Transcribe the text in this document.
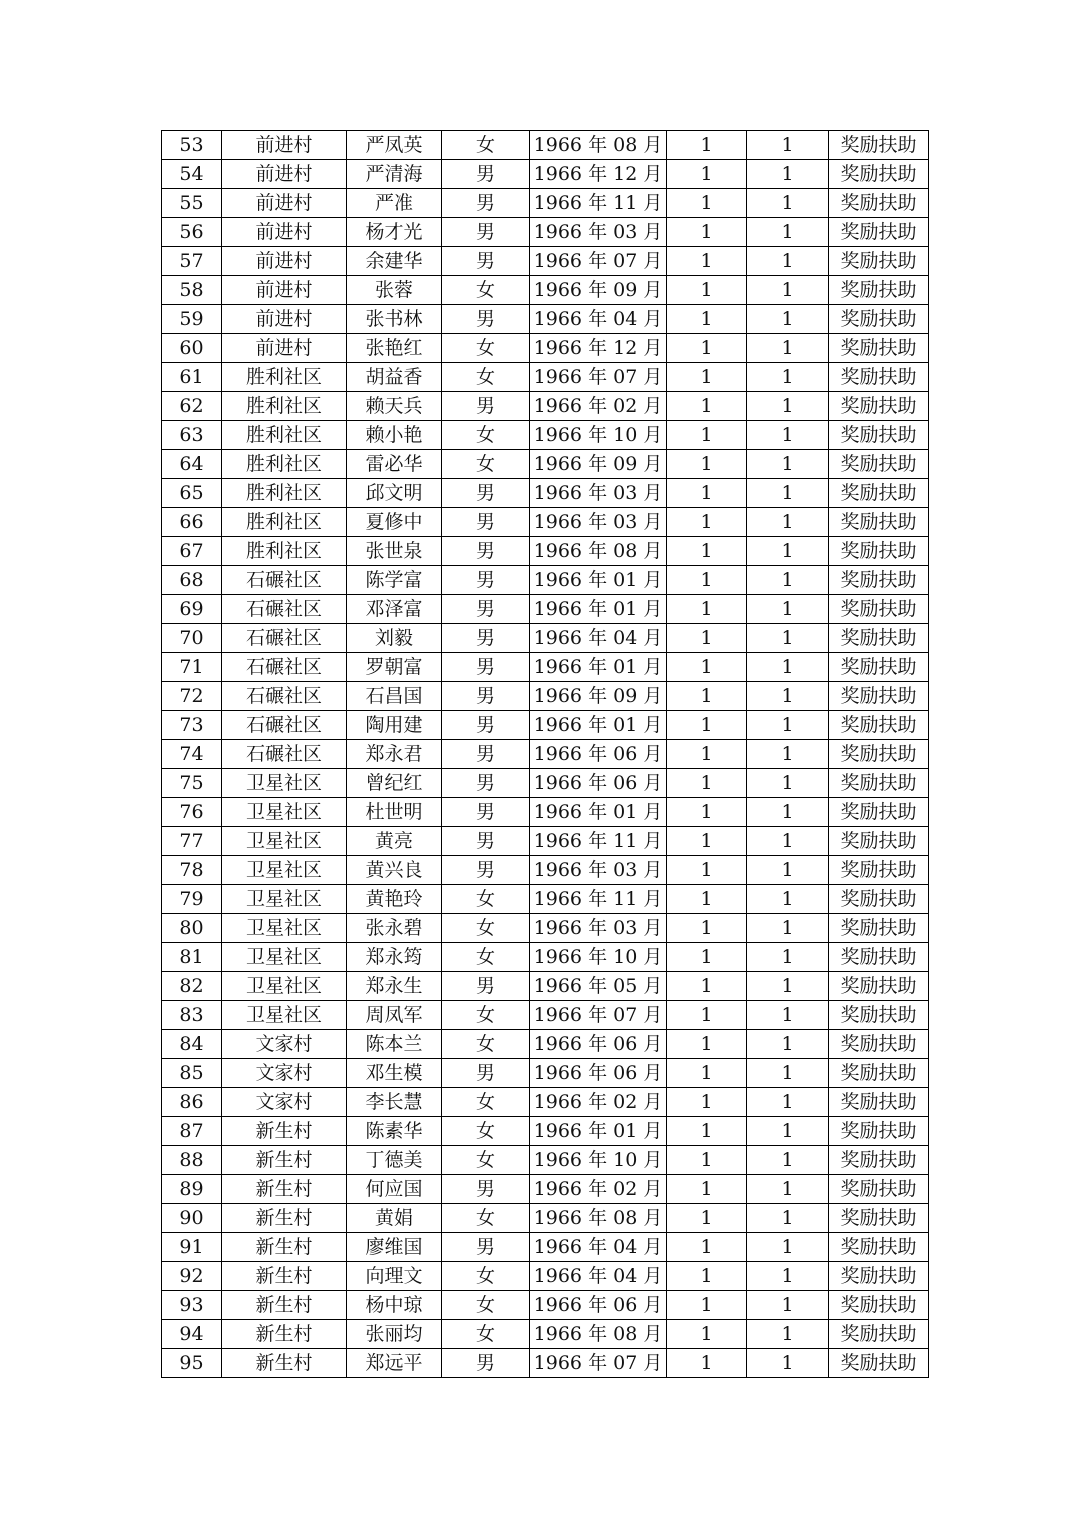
53	前进村	严凤英	女	1966 年 08 月	1	1	奖励扶助
54	前进村	严清海	男	1966 年 12 月	1	1	奖励扶助
55	前进村	严准	男	1966 年 11 月	1	1	奖励扶助
56	前进村	杨才光	男	1966 年 03 月	1	1	奖励扶助
57	前进村	余建华	男	1966 年 07 月	1	1	奖励扶助
58	前进村	张蓉	女	1966 年 09 月	1	1	奖励扶助
59	前进村	张书林	男	1966 年 04 月	1	1	奖励扶助
60	前进村	张艳红	女	1966 年 12 月	1	1	奖励扶助
61	胜利社区	胡益香	女	1966 年 07 月	1	1	奖励扶助
62	胜利社区	赖天兵	男	1966 年 02 月	1	1	奖励扶助
63	胜利社区	赖小艳	女	1966 年 10 月	1	1	奖励扶助
64	胜利社区	雷必华	女	1966 年 09 月	1	1	奖励扶助
65	胜利社区	邱文明	男	1966 年 03 月	1	1	奖励扶助
66	胜利社区	夏修中	男	1966 年 03 月	1	1	奖励扶助
67	胜利社区	张世泉	男	1966 年 08 月	1	1	奖励扶助
68	石碾社区	陈学富	男	1966 年 01 月	1	1	奖励扶助
69	石碾社区	邓泽富	男	1966 年 01 月	1	1	奖励扶助
70	石碾社区	刘毅	男	1966 年 04 月	1	1	奖励扶助
71	石碾社区	罗朝富	男	1966 年 01 月	1	1	奖励扶助
72	石碾社区	石昌国	男	1966 年 09 月	1	1	奖励扶助
73	石碾社区	陶用建	男	1966 年 01 月	1	1	奖励扶助
74	石碾社区	郑永君	男	1966 年 06 月	1	1	奖励扶助
75	卫星社区	曾纪红	男	1966 年 06 月	1	1	奖励扶助
76	卫星社区	杜世明	男	1966 年 01 月	1	1	奖励扶助
77	卫星社区	黄亮	男	1966 年 11 月	1	1	奖励扶助
78	卫星社区	黄兴良	男	1966 年 03 月	1	1	奖励扶助
79	卫星社区	黄艳玲	女	1966 年 11 月	1	1	奖励扶助
80	卫星社区	张永碧	女	1966 年 03 月	1	1	奖励扶助
81	卫星社区	郑永筠	女	1966 年 10 月	1	1	奖励扶助
82	卫星社区	郑永生	男	1966 年 05 月	1	1	奖励扶助
83	卫星社区	周凤军	女	1966 年 07 月	1	1	奖励扶助
84	文家村	陈本兰	女	1966 年 06 月	1	1	奖励扶助
85	文家村	邓生模	男	1966 年 06 月	1	1	奖励扶助
86	文家村	李长慧	女	1966 年 02 月	1	1	奖励扶助
87	新生村	陈素华	女	1966 年 01 月	1	1	奖励扶助
88	新生村	丁德美	女	1966 年 10 月	1	1	奖励扶助
89	新生村	何应国	男	1966 年 02 月	1	1	奖励扶助
90	新生村	黄娟	女	1966 年 08 月	1	1	奖励扶助
91	新生村	廖维国	男	1966 年 04 月	1	1	奖励扶助
92	新生村	向理文	女	1966 年 04 月	1	1	奖励扶助
93	新生村	杨中琼	女	1966 年 06 月	1	1	奖励扶助
94	新生村	张丽均	女	1966 年 08 月	1	1	奖励扶助
95	新生村	郑远平	男	1966 年 07 月	1	1	奖励扶助
